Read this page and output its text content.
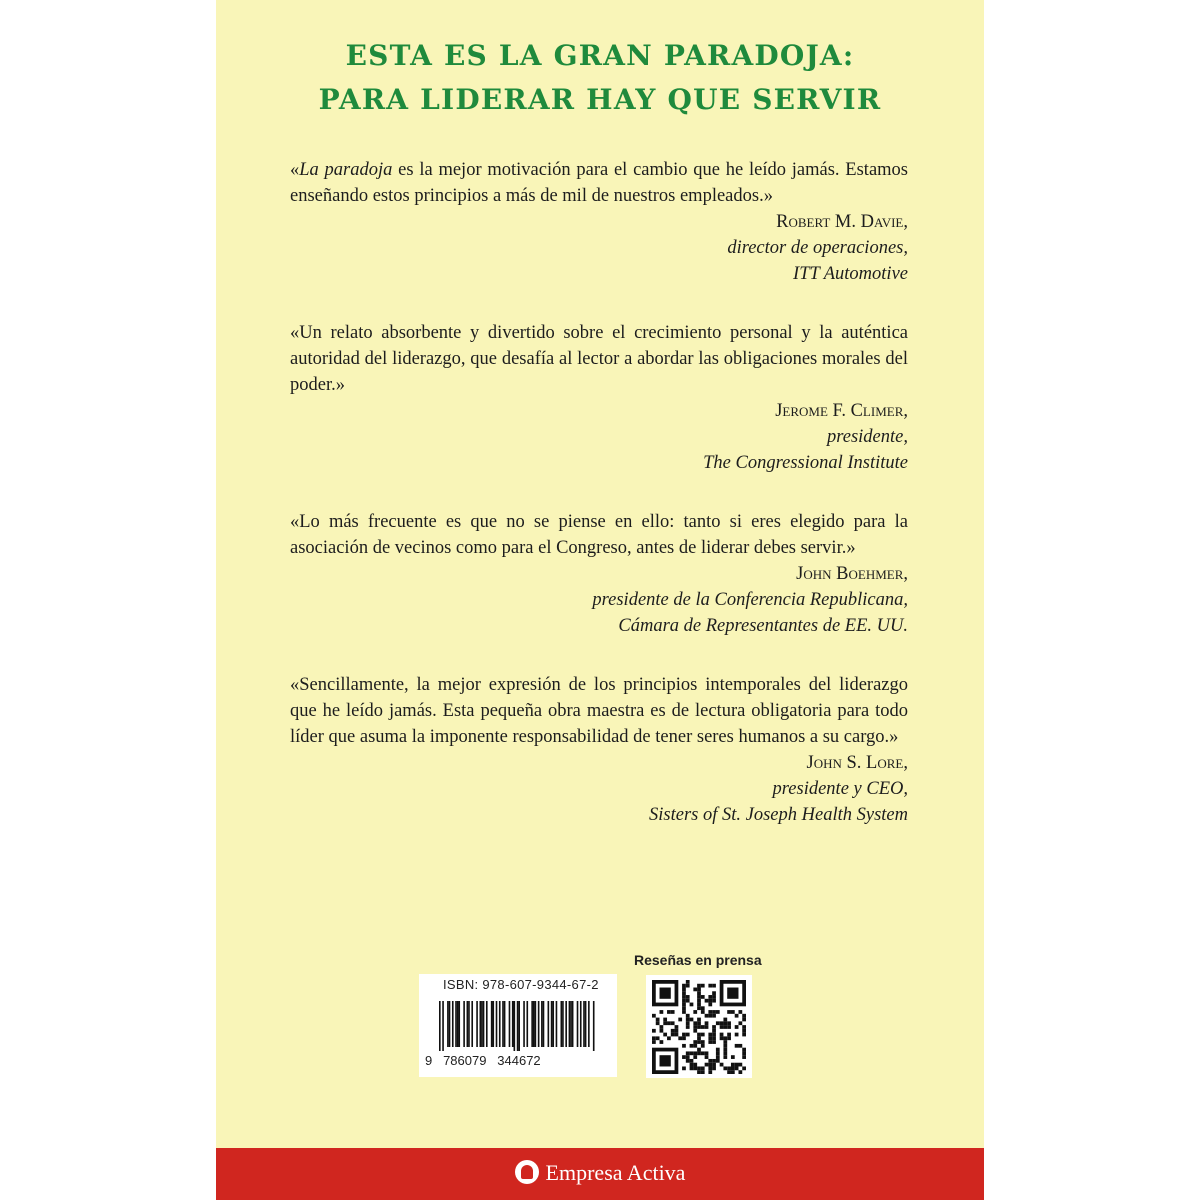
ESTA ES LA GRAN PARADOJA:
PARA LIDERAR HAY QUE SERVIR

«La paradoja es la mejor motivación para el cambio que he leído jamás. Estamos enseñando estos principios a más de mil de nuestros empleados.»

Robert M. Davie,
director de operaciones,
ITT Automotive

«Un relato absorbente y divertido sobre el crecimiento personal y la auténtica autoridad del liderazgo, que desafía al lector a abordar las obligaciones morales del poder.»

Jerome F. Climer,
presidente,
The Congressional Institute

«Lo más frecuente es que no se piense en ello: tanto si eres elegido para la asociación de vecinos como para el Congreso, antes de liderar debes servir.»

John Boehmer,
presidente de la Conferencia Republicana,
Cámara de Representantes de EE. UU.

«Sencillamente, la mejor expresión de los principios intemporales del liderazgo que he leído jamás. Esta pequeña obra maestra es de lectura obligatoria para todo líder que asuma la imponente responsabilidad de tener seres humanos a su cargo.»

John S. Lore,
presidente y CEO,
Sisters of St. Joseph Health System

ISBN: 978-607-9344-67-2
9   786079   344672
Reseñas en prensa
Empresa Activa
